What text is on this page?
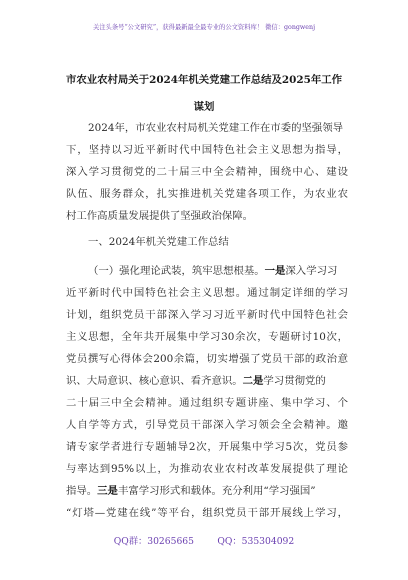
关注头条号“公文研究”，获得最新最全最专业的公文资料库！ 微信：gongwenj
市农业农村局关于2024年机关党建工作总结及2025年工作
谋划
2024年，市农业农村局机关党建工作在市委的坚强领导
下，坚持以习近平新时代中国特色社会主义思想为指导，
深入学习贯彻党的二十届三中全会精神，围绕中心、建设
队伍、服务群众，扎实推进机关党建各项工作，为农业农
村工作高质量发展提供了坚强政治保障。
一、2024年机关党建工作总结
（一）强化理论武装，筑牢思想根基。一是深入学习习
近平新时代中国特色社会主义思想。通过制定详细的学习
计划，组织党员干部深入学习习近平新时代中国特色社会
主义思想，全年共开展集中学习30余次，专题研讨10次，
党员撰写心得体会200余篇，切实增强了党员干部的政治意
识、大局意识、核心意识、看齐意识。二是学习贯彻党的
二十届三中全会精神。通过组织专题讲座、集中学习、个
人自学等方式，引导党员干部深入学习领会全会精神。邀
请专家学者进行专题辅导2次，开展集中学习5次，党员参
与率达到95%以上，为推动农业农村改革发展提供了理论
指导。三是丰富学习形式和载体。充分利用“学习强国”
“灯塔—党建在线”等平台，组织党员干部开展线上学习，
QQ群：30265665	QQ：535304092
